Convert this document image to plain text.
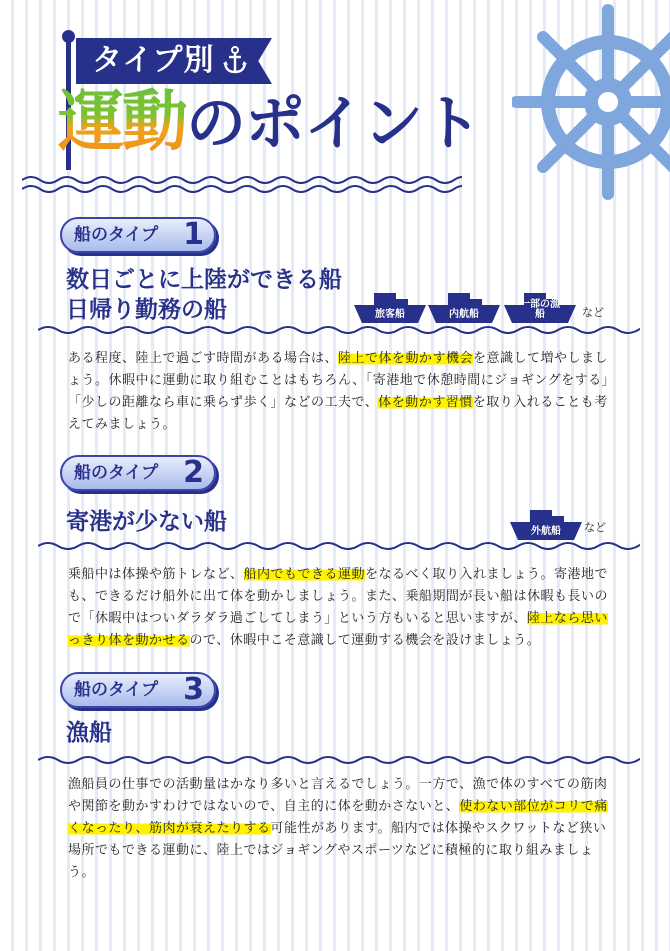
タイプ別
運動のポイント
船のタイプ 1
数日ごとに上陸ができる船
日帰り勤務の船	旅客船	内航船
一部の漁船	など
ある程度、陸上で過ごす時間がある場合は、陸上で体を動かす機会を意識して増やしましょう。休暇中に運動に取り組むことはもちろん、「寄港地で休憩時間にジョギングをする」「少しの距離なら車に乗らず歩く」などの工夫で、体を動かす習慣を取り入れることも考えてみましょう。
船のタイプ 2
寄港が少ない船	外航船	など
乗船中は体操や筋トレなど、船内でもできる運動をなるべく取り入れましょう。寄港地でも、できるだけ船外に出て体を動かしましょう。また、乗船期間が長い船は休暇も長いので「休暇中はついダラダラ過ごしてしまう」という方もいると思いますが、陸上なら思いっきり体を動かせるので、休暇中こそ意識して運動する機会を設けましょう。
船のタイプ 3
漁船
漁船員の仕事での活動量はかなり多いと言えるでしょう。一方で、漁で体のすべての筋肉や関節を動かすわけではないので、自主的に体を動かさないと、使わない部位がコリで痛くなったり、筋肉が衰えたりする可能性があります。船内では体操やスクワットなど狭い場所でもできる運動に、陸上ではジョギングやスポーツなどに積極的に取り組みましょう。
